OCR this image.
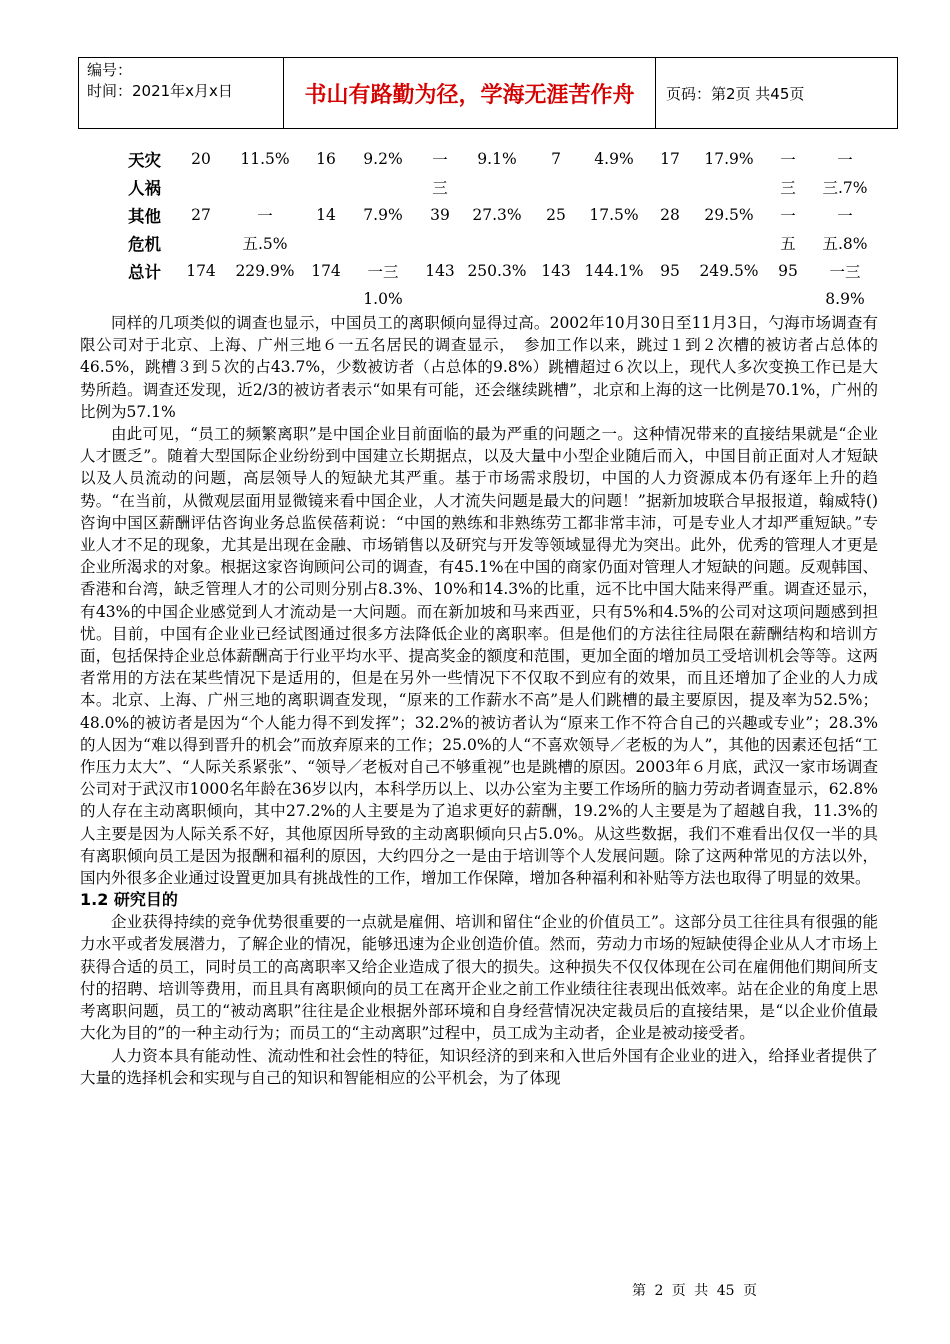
编号：
时间：2021年x月x日	书山有路勤为径，学海无涯苦作舟	页码：第2页 共45页
天灾	20	11.5%	16	9.2%	一	9.1%	7	4.9%	17	17.9%	一	一
人祸					三						三	三.7%
其他	27	一	14	7.9%	39	27.3%	25	17.5%	28	29.5%	一	一
危机		五.5%									五	五.8%
总计	174	229.9%	174	一三	143	250.3%	143	144.1%	95	249.5%	95	一三
				1.0%								8.9%

同样的几项类似的调查也显示，中国员工的离职倾向显得过高。2002年10月30日至11月3日，勺海市场调查有限公司对于北京、上海、广州三地６一五名居民的调查显示，　参加工作以来，跳过１到２次槽的被访者占总体的46.5%，跳槽３到５次的占43.7%，少数被访者（占总体的9.8%）跳槽超过６次以上，现代人多次变换工作已是大势所趋。调查还发现，近2/3的被访者表示“如果有可能，还会继续跳槽”，北京和上海的这一比例是70.1%，广州的比例为57.1%

由此可见，“员工的频繁离职”是中国企业目前面临的最为严重的问题之一。这种情况带来的直接结果就是“企业人才匮乏”。随着大型国际企业纷纷到中国建立长期据点，以及大量中小型企业随后而入，中国目前正面对人才短缺以及人员流动的问题，高层领导人的短缺尤其严重。基于市场需求殷切，中国的人力资源成本仍有逐年上升的趋势。“在当前，从微观层面用显微镜来看中国企业，人才流失问题是最大的问题！”据新加坡联合早报报道，翰威特()咨询中国区薪酬评估咨询业务总监侯蓓莉说：“中国的熟练和非熟练劳工都非常丰沛，可是专业人才却严重短缺。”专业人才不足的现象，尤其是出现在金融、市场销售以及研究与开发等领域显得尤为突出。此外，优秀的管理人才更是企业所渴求的对象。根据这家咨询顾问公司的调查，有45.1%在中国的商家仍面对管理人才短缺的问题。反观韩国、香港和台湾，缺乏管理人才的公司则分别占8.3%、10%和14.3%的比重，远不比中国大陆来得严重。调查还显示，有43%的中国企业感觉到人才流动是一大问题。而在新加坡和马来西亚，只有5%和4.5%的公司对这项问题感到担忧。目前，中国有企业业已经试图通过很多方法降低企业的离职率。但是他们的方法往往局限在薪酬结构和培训方面，包括保持企业总体薪酬高于行业平均水平、提高奖金的额度和范围，更加全面的增加员工受培训机会等等。这两者常用的方法在某些情况下是适用的，但是在另外一些情况下不仅取不到应有的效果，而且还增加了企业的人力成本。北京、上海、广州三地的离职调查发现，“原来的工作薪水不高”是人们跳槽的最主要原因，提及率为52.5%；48.0%的被访者是因为“个人能力得不到发挥”；32.2%的被访者认为“原来工作不符合自己的兴趣或专业”；28.3%的人因为“难以得到晋升的机会”而放弃原来的工作；25.0%的人“不喜欢领导／老板的为人”，其他的因素还包括“工作压力太大”、“人际关系紧张”、“领导／老板对自己不够重视”也是跳槽的原因。2003年６月底，武汉一家市场调查公司对于武汉市1000名年龄在36岁以内，本科学历以上、以办公室为主要工作场所的脑力劳动者调查显示，62.8%的人存在主动离职倾向，其中27.2%的人主要是为了追求更好的薪酬，19.2%的人主要是为了超越自我，11.3%的人主要是因为人际关系不好，其他原因所导致的主动离职倾向只占5.0%。从这些数据，我们不难看出仅仅一半的具有离职倾向员工是因为报酬和福利的原因，大约四分之一是由于培训等个人发展问题。除了这两种常见的方法以外，国内外很多企业通过设置更加具有挑战性的工作，增加工作保障，增加各种福利和补贴等方法也取得了明显的效果。

1.2 研究目的

企业获得持续的竞争优势很重要的一点就是雇佣、培训和留住“企业的价值员工”。这部分员工往往具有很强的能力水平或者发展潜力，了解企业的情况，能够迅速为企业创造价值。然而，劳动力市场的短缺使得企业从人才市场上获得合适的员工，同时员工的高离职率又给企业造成了很大的损失。这种损失不仅仅体现在公司在雇佣他们期间所支付的招聘、培训等费用，而且具有离职倾向的员工在离开企业之前工作业绩往往表现出低效率。站在企业的角度上思考离职问题，员工的“被动离职”往往是企业根据外部环境和自身经营情况决定裁员后的直接结果，是“以企业价值最大化为目的”的一种主动行为；而员工的“主动离职”过程中，员工成为主动者，企业是被动接受者。

人力资本具有能动性、流动性和社会性的特征，知识经济的到来和入世后外国有企业业的进入，给择业者提供了大量的选择机会和实现与自己的知识和智能相应的公平机会，为了体现

第 2 页 共 45 页
